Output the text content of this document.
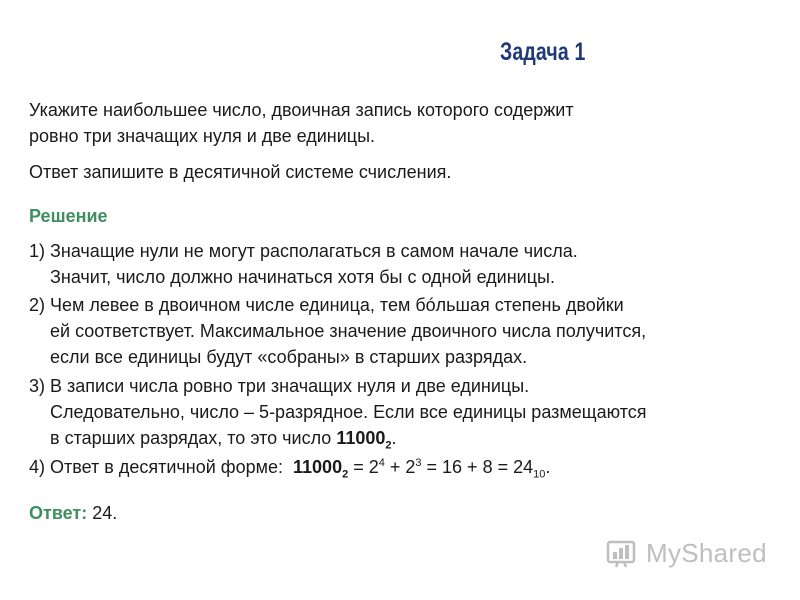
Задача 1
Укажите наибольшее число, двоичная запись которого содержит
ровно три значащих нуля и две единицы.
Ответ запишите в десятичной системе счисления.
Решение
1) Значащие нули не могут располагаться в самом начале числа.
Значит, число должно начинаться хотя бы с одной единицы.
2) Чем левее в двоичном числе единица, тем бóльшая степень двойки
ей соответствует. Максимальное значение двоичного числа получится,
если все единицы будут «собраны» в старших разрядах.
3) В записи числа ровно три значащих нуля и две единицы.
Следовательно, число – 5-разрядное. Если все единицы размещаются
в старших разрядах, то это число $11000_2$.
4) Ответ в десятичной форме: $11000_2 = 2^4 + 2^3 = 16 + 8 = 24_{10}$.
Ответ: 24.
MyShared
